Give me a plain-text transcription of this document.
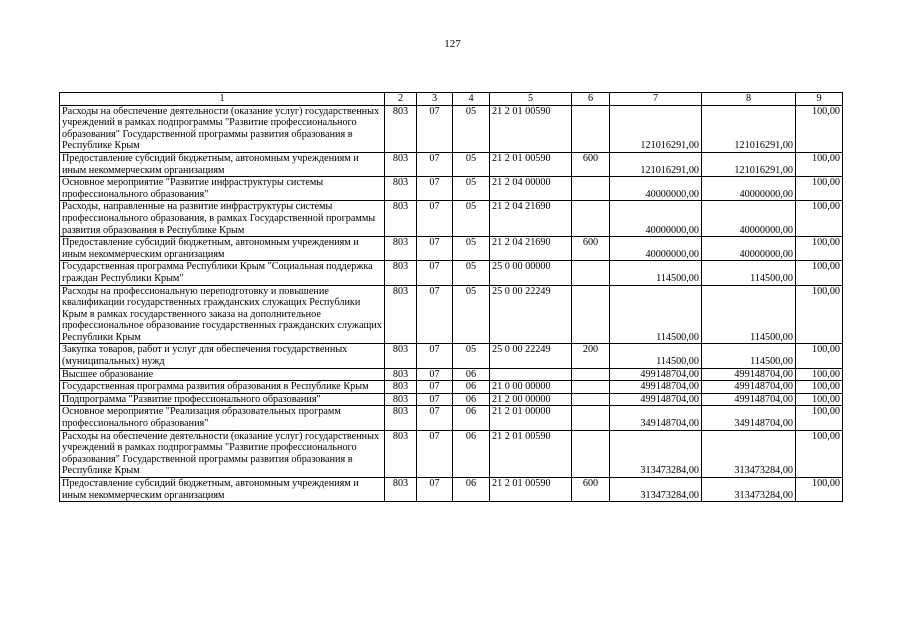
127
1	2	3	4	5	6	7	8	9
Расходы на обеспечение деятельности (оказание услуг) государственных учреждений в рамках подпрограммы "Развитие профессионального образования" Государственной программы развития образования в Республике Крым	803	07	05	21 2 01 00590		121016291,00	121016291,00	100,00
Предоставление субсидий бюджетным, автономным учреждениям и иным некоммерческим организациям	803	07	05	21 2 01 00590	600	121016291,00	121016291,00	100,00
Основное мероприятие "Развитие инфраструктуры системы профессионального образования"	803	07	05	21 2 04 00000		40000000,00	40000000,00	100,00
Расходы, направленные на развитие инфраструктуры системы профессионального образования, в рамках Государственной программы развития образования в Республике Крым	803	07	05	21 2 04 21690		40000000,00	40000000,00	100,00
Предоставление субсидий бюджетным, автономным учреждениям и иным некоммерческим организациям	803	07	05	21 2 04 21690	600	40000000,00	40000000,00	100,00
Государственная программа Республики Крым "Социальная поддержка граждан Республики Крым"	803	07	05	25 0 00 00000		114500,00	114500,00	100,00
Расходы на профессиональную переподготовку и повышение квалификации государственных гражданских служащих Республики Крым в рамках государственного заказа на дополнительное профессиональное образование государственных гражданских служащих Республики Крым	803	07	05	25 0 00 22249		114500,00	114500,00	100,00
Закупка товаров, работ и услуг для обеспечения государственных (муниципальных) нужд	803	07	05	25 0 00 22249	200	114500,00	114500,00	100,00
Высшее образование	803	07	06			499148704,00	499148704,00	100,00
Государственная программа развития образования в Республике Крым	803	07	06	21 0 00 00000		499148704,00	499148704,00	100,00
Подпрограмма "Развитие профессионального образования"	803	07	06	21 2 00 00000		499148704,00	499148704,00	100,00
Основное мероприятие "Реализация образовательных программ профессионального образования"	803	07	06	21 2 01 00000		349148704,00	349148704,00	100,00
Расходы на обеспечение деятельности (оказание услуг) государственных учреждений в рамках подпрограммы "Развитие профессионального образования" Государственной программы развития образования в Республике Крым	803	07	06	21 2 01 00590		313473284,00	313473284,00	100,00
Предоставление субсидий бюджетным, автономным учреждениям и иным некоммерческим организациям	803	07	06	21 2 01 00590	600	313473284,00	313473284,00	100,00
